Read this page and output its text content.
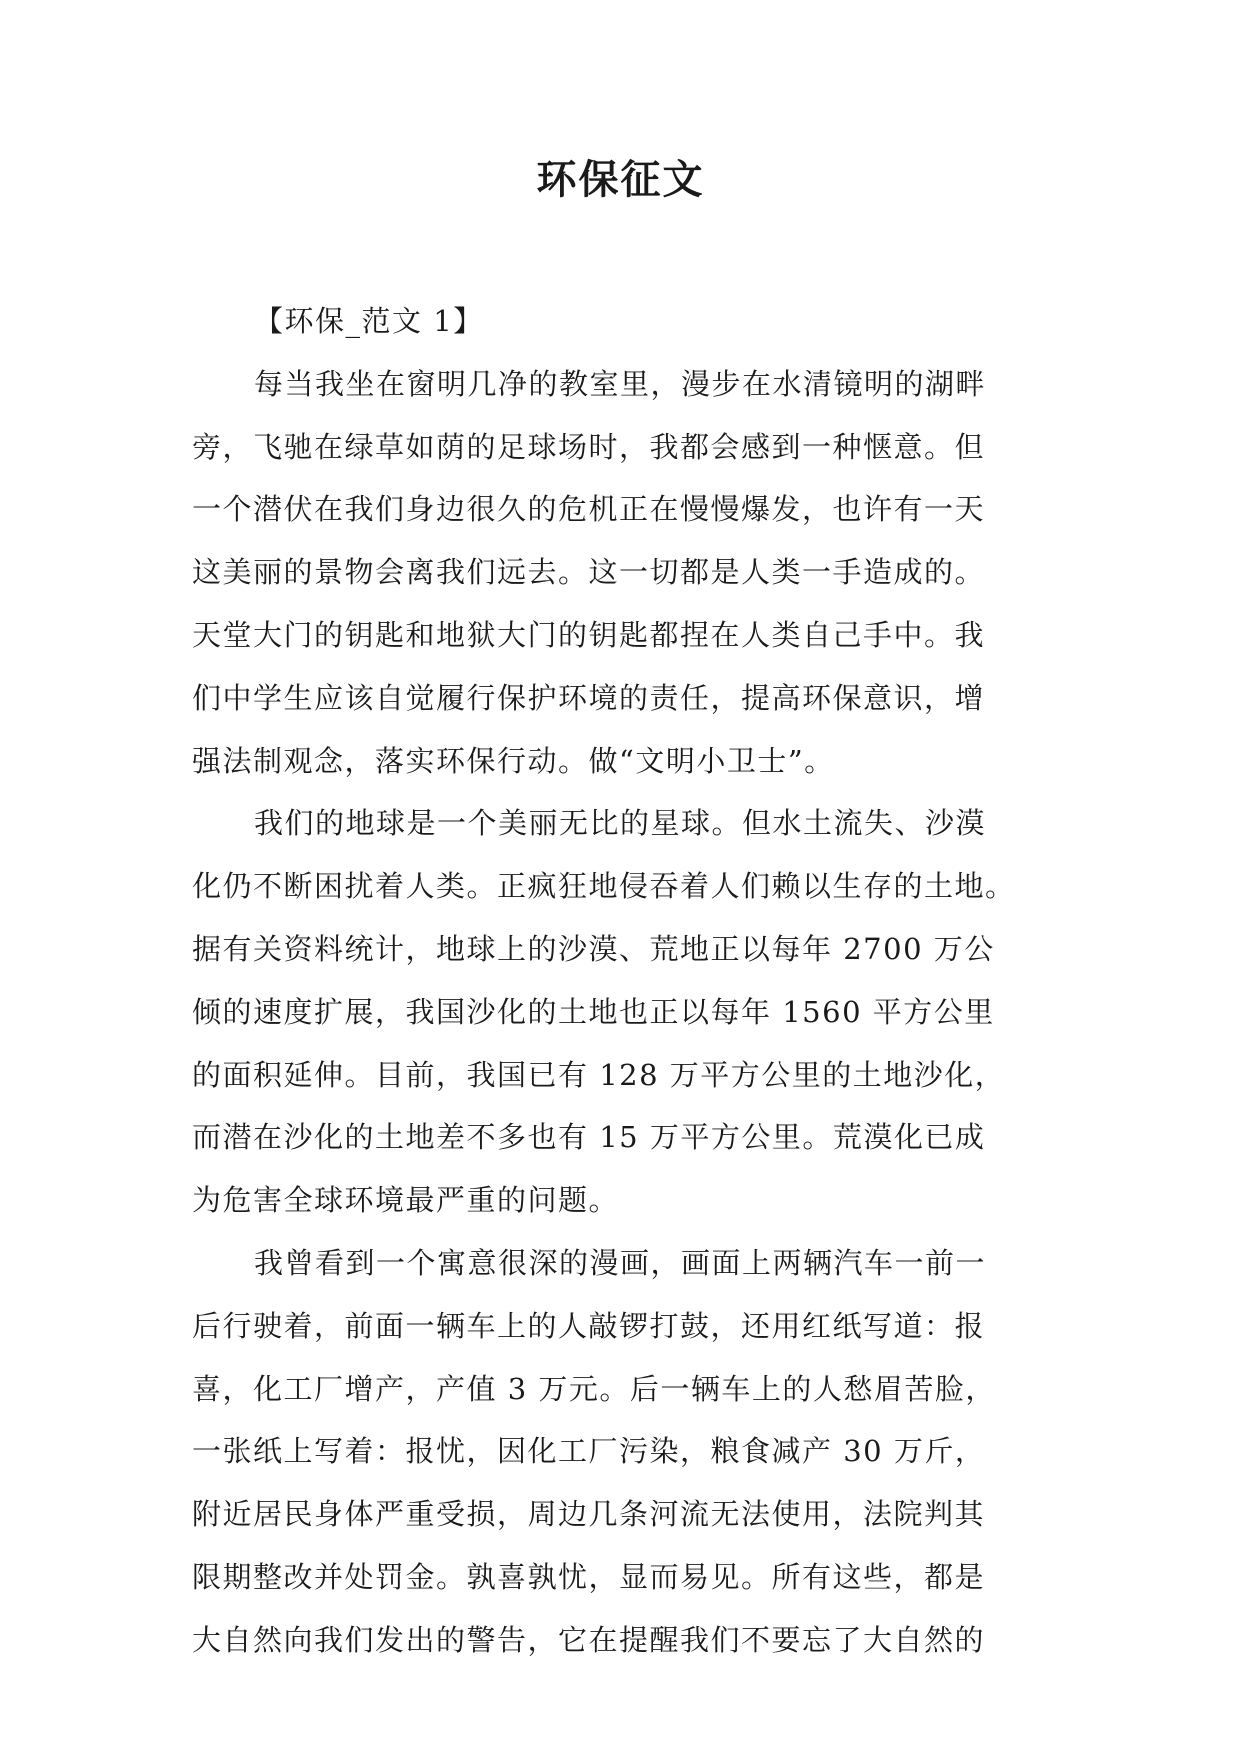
环保征文

【环保_范文 1】

每当我坐在窗明几净的教室里，漫步在水清镜明的湖畔
旁，飞驰在绿草如荫的足球场时，我都会感到一种惬意。但
一个潜伏在我们身边很久的危机正在慢慢爆发，也许有一天
这美丽的景物会离我们远去。这一切都是人类一手造成的。
天堂大门的钥匙和地狱大门的钥匙都捏在人类自己手中。我
们中学生应该自觉履行保护环境的责任，提高环保意识，增
强法制观念，落实环保行动。做“文明小卫士”。
我们的地球是一个美丽无比的星球。但水土流失、沙漠
化仍不断困扰着人类。正疯狂地侵吞着人们赖以生存的土地。
据有关资料统计，地球上的沙漠、荒地正以每年 2700 万公
倾的速度扩展，我国沙化的土地也正以每年 1560 平方公里
的面积延伸。目前，我国已有 128 万平方公里的土地沙化，
而潜在沙化的土地差不多也有 15 万平方公里。荒漠化已成
为危害全球环境最严重的问题。
我曾看到一个寓意很深的漫画，画面上两辆汽车一前一
后行驶着，前面一辆车上的人敲锣打鼓，还用红纸写道：报
喜，化工厂增产，产值 3 万元。后一辆车上的人愁眉苦脸，
一张纸上写着：报忧，因化工厂污染，粮食减产 30 万斤，
附近居民身体严重受损，周边几条河流无法使用，法院判其
限期整改并处罚金。孰喜孰忧，显而易见。所有这些，都是
大自然向我们发出的警告，它在提醒我们不要忘了大自然的
